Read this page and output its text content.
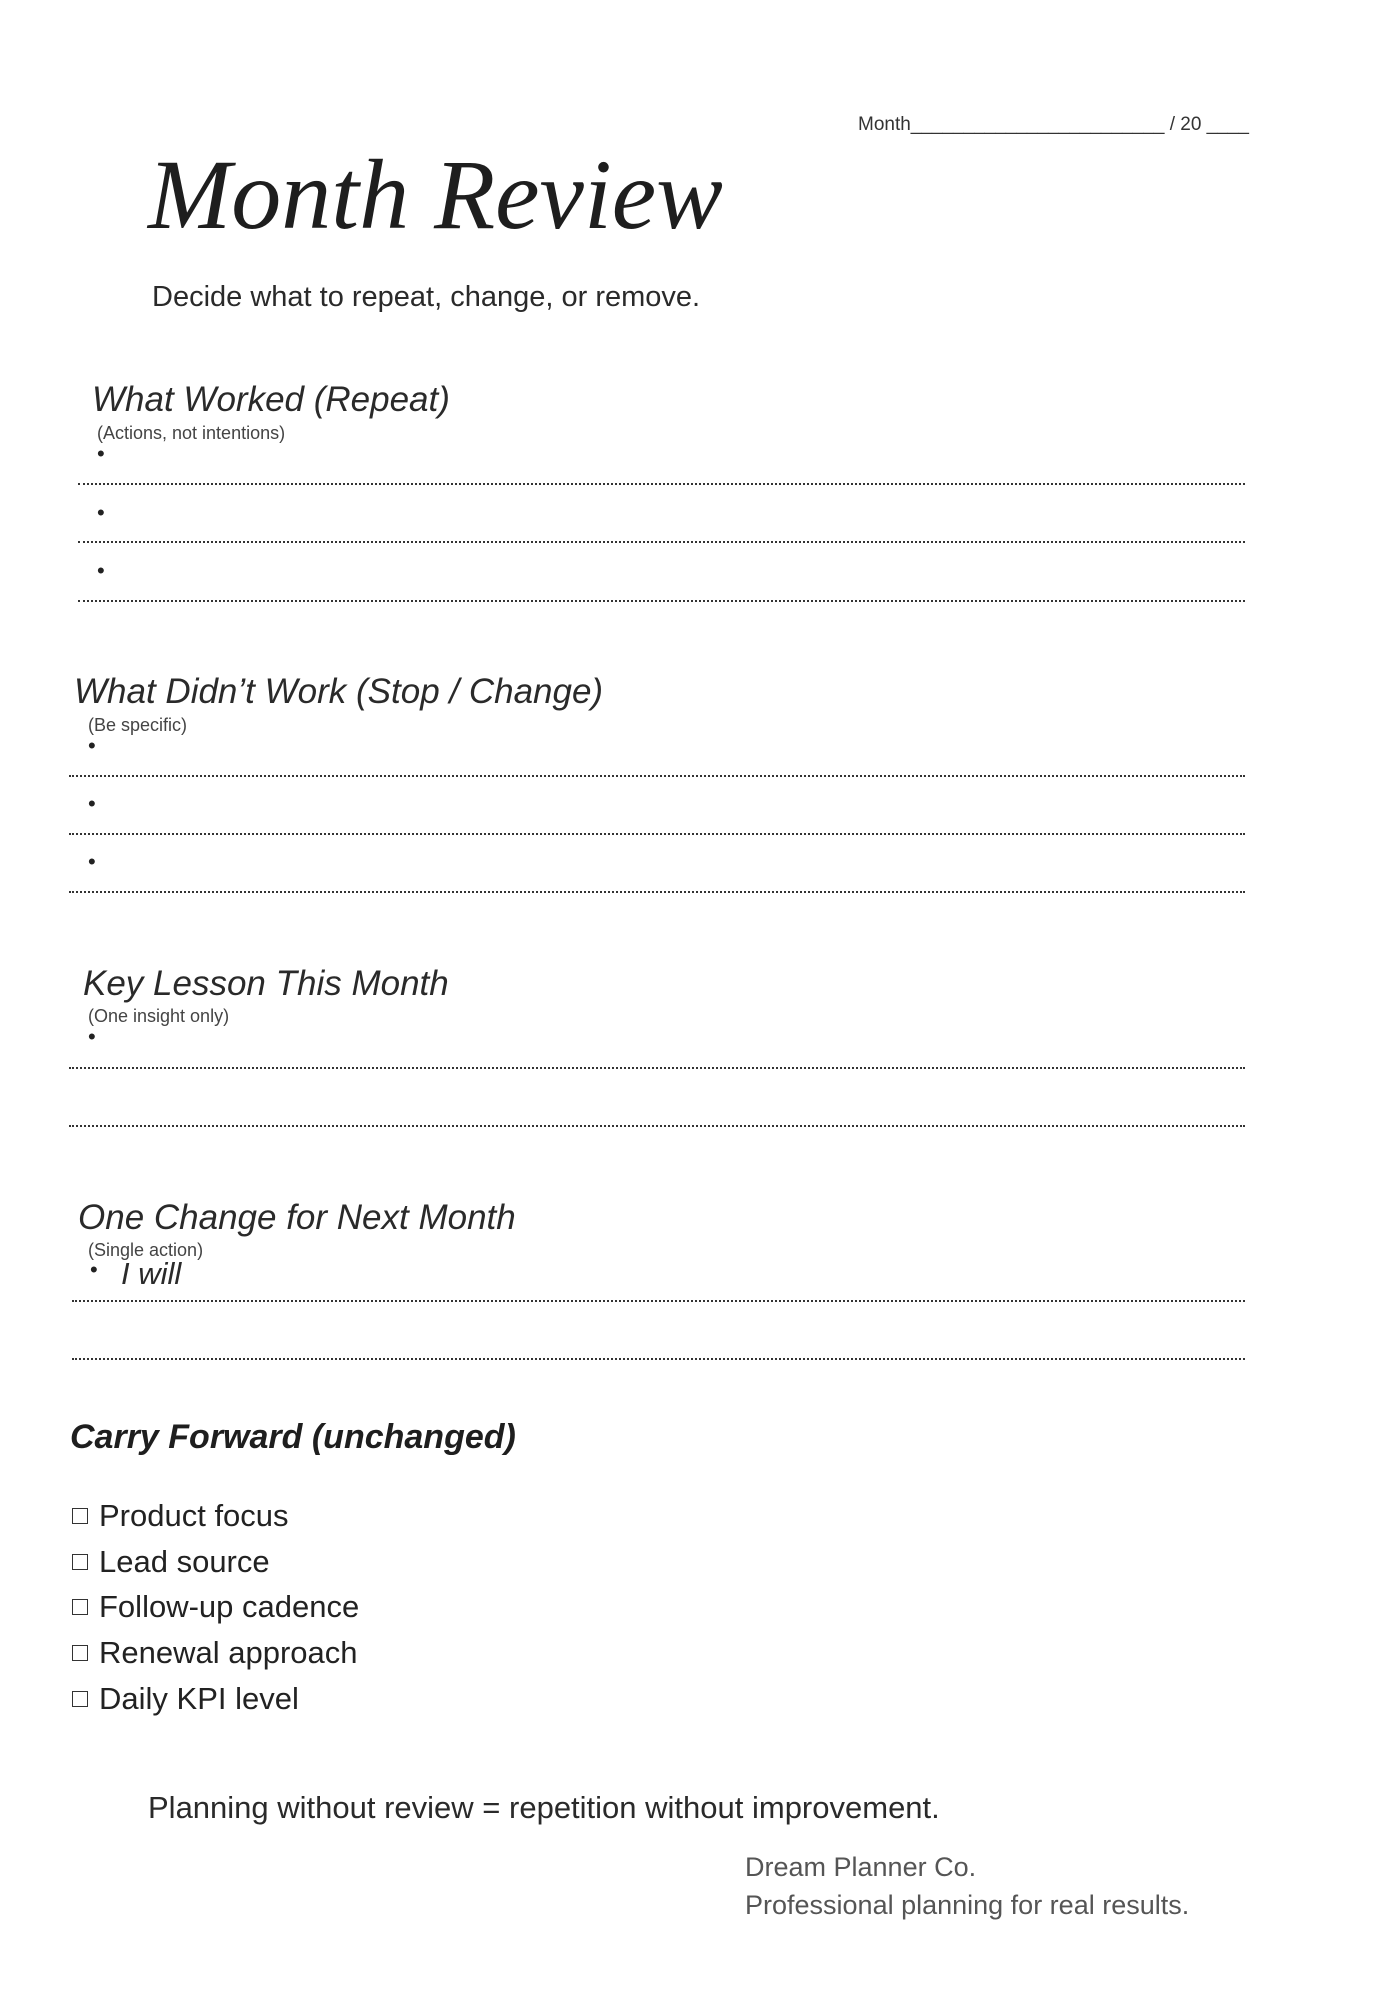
Month________________________ / 20 ____
Month Review
Decide what to repeat, change, or remove.
What Worked (Repeat)
(Actions, not intentions)
•
•
•
What Didn’t Work (Stop / Change)
(Be specific)
•
•
•
Key Lesson This Month
(One insight only)
•
One Change for Next Month
(Single action)
• I will
Carry Forward (unchanged)
Product focus
Lead source
Follow-up cadence
Renewal approach
Daily KPI level
Planning without review = repetition without improvement.
Dream Planner Co.
Professional planning for real results.
